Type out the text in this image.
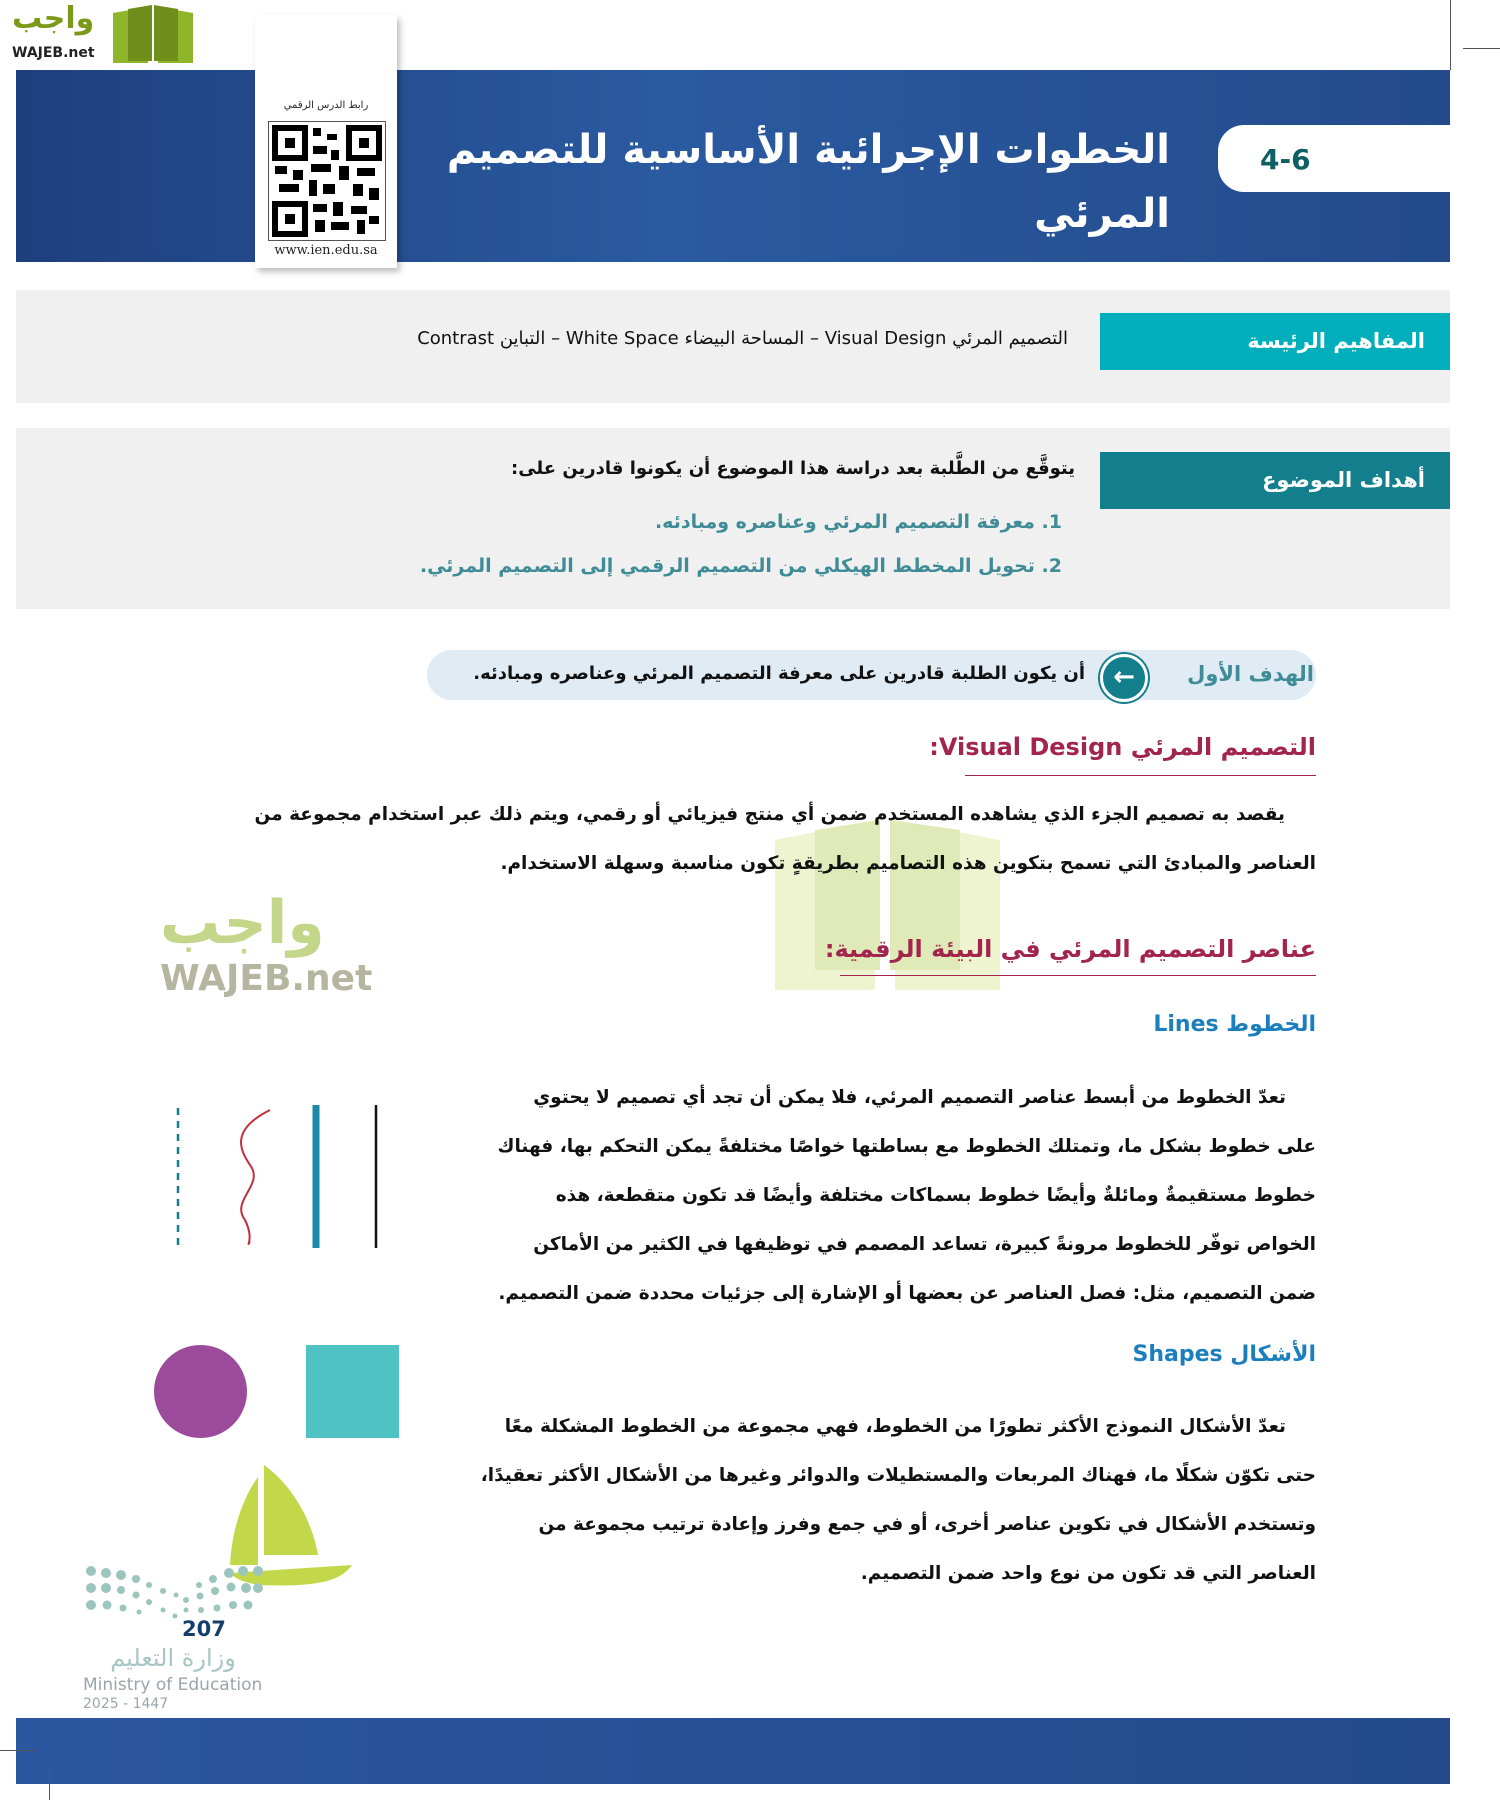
واجب
WAJEB.net
الخطوات الإجرائية الأساسية للتصميم المرئي
4-6
رابط الدرس الرقمي
www.ien.edu.sa
المفاهيم الرئيسة
التصميم المرئي Visual Design – المساحة البيضاء White Space – التباين Contrast
أهداف الموضوع
يتوقَّع من الطَّلبة بعد دراسة هذا الموضوع أن يكونوا قادرين على:
1. معرفة التصميم المرئي وعناصره ومبادئه.
2. تحويل المخطط الهيكلي من التصميم الرقمي إلى التصميم المرئي.
الهدف الأول
←
أن يكون الطلبة قادرين على معرفة التصميم المرئي وعناصره ومبادئه.
واجب
WAJEB.net
التصميم المرئي Visual Design:
يقصد به تصميم الجزء الذي يشاهده المستخدم ضمن أي منتج فيزيائي أو رقمي، ويتم ذلك عبر استخدام مجموعة من
العناصر والمبادئ التي تسمح بتكوين هذه التصاميم بطريقةٍ تكون مناسبة وسهلة الاستخدام.
عناصر التصميم المرئي في البيئة الرقمية:
الخطوط Lines
تعدّ الخطوط من أبسط عناصر التصميم المرئي، فلا يمكن أن تجد أي تصميم لا يحتوي
على خطوط بشكل ما، وتمتلك الخطوط مع بساطتها خواصًا مختلفةً يمكن التحكم بها، فهناك
خطوط مستقيمةٌ ومائلةٌ وأيضًا خطوط بسماكات مختلفة وأيضًا قد تكون متقطعة، هذه
الخواص توفّر للخطوط مرونةً كبيرة، تساعد المصمم في توظيفها في الكثير من الأماكن
ضمن التصميم، مثل: فصل العناصر عن بعضها أو الإشارة إلى جزئيات محددة ضمن التصميم.
الأشكال Shapes
تعدّ الأشكال النموذج الأكثر تطورًا من الخطوط، فهي مجموعة من الخطوط المشكلة معًا
حتى تكوّن شكلًا ما، فهناك المربعات والمستطيلات والدوائر وغيرها من الأشكال الأكثر تعقيدًا،
وتستخدم الأشكال في تكوين عناصر أخرى، أو في جمع وفرز وإعادة ترتيب مجموعة من
العناصر التي قد تكون من نوع واحد ضمن التصميم.
وزارة التعليم
Ministry of Education
2025 - 1447
207
